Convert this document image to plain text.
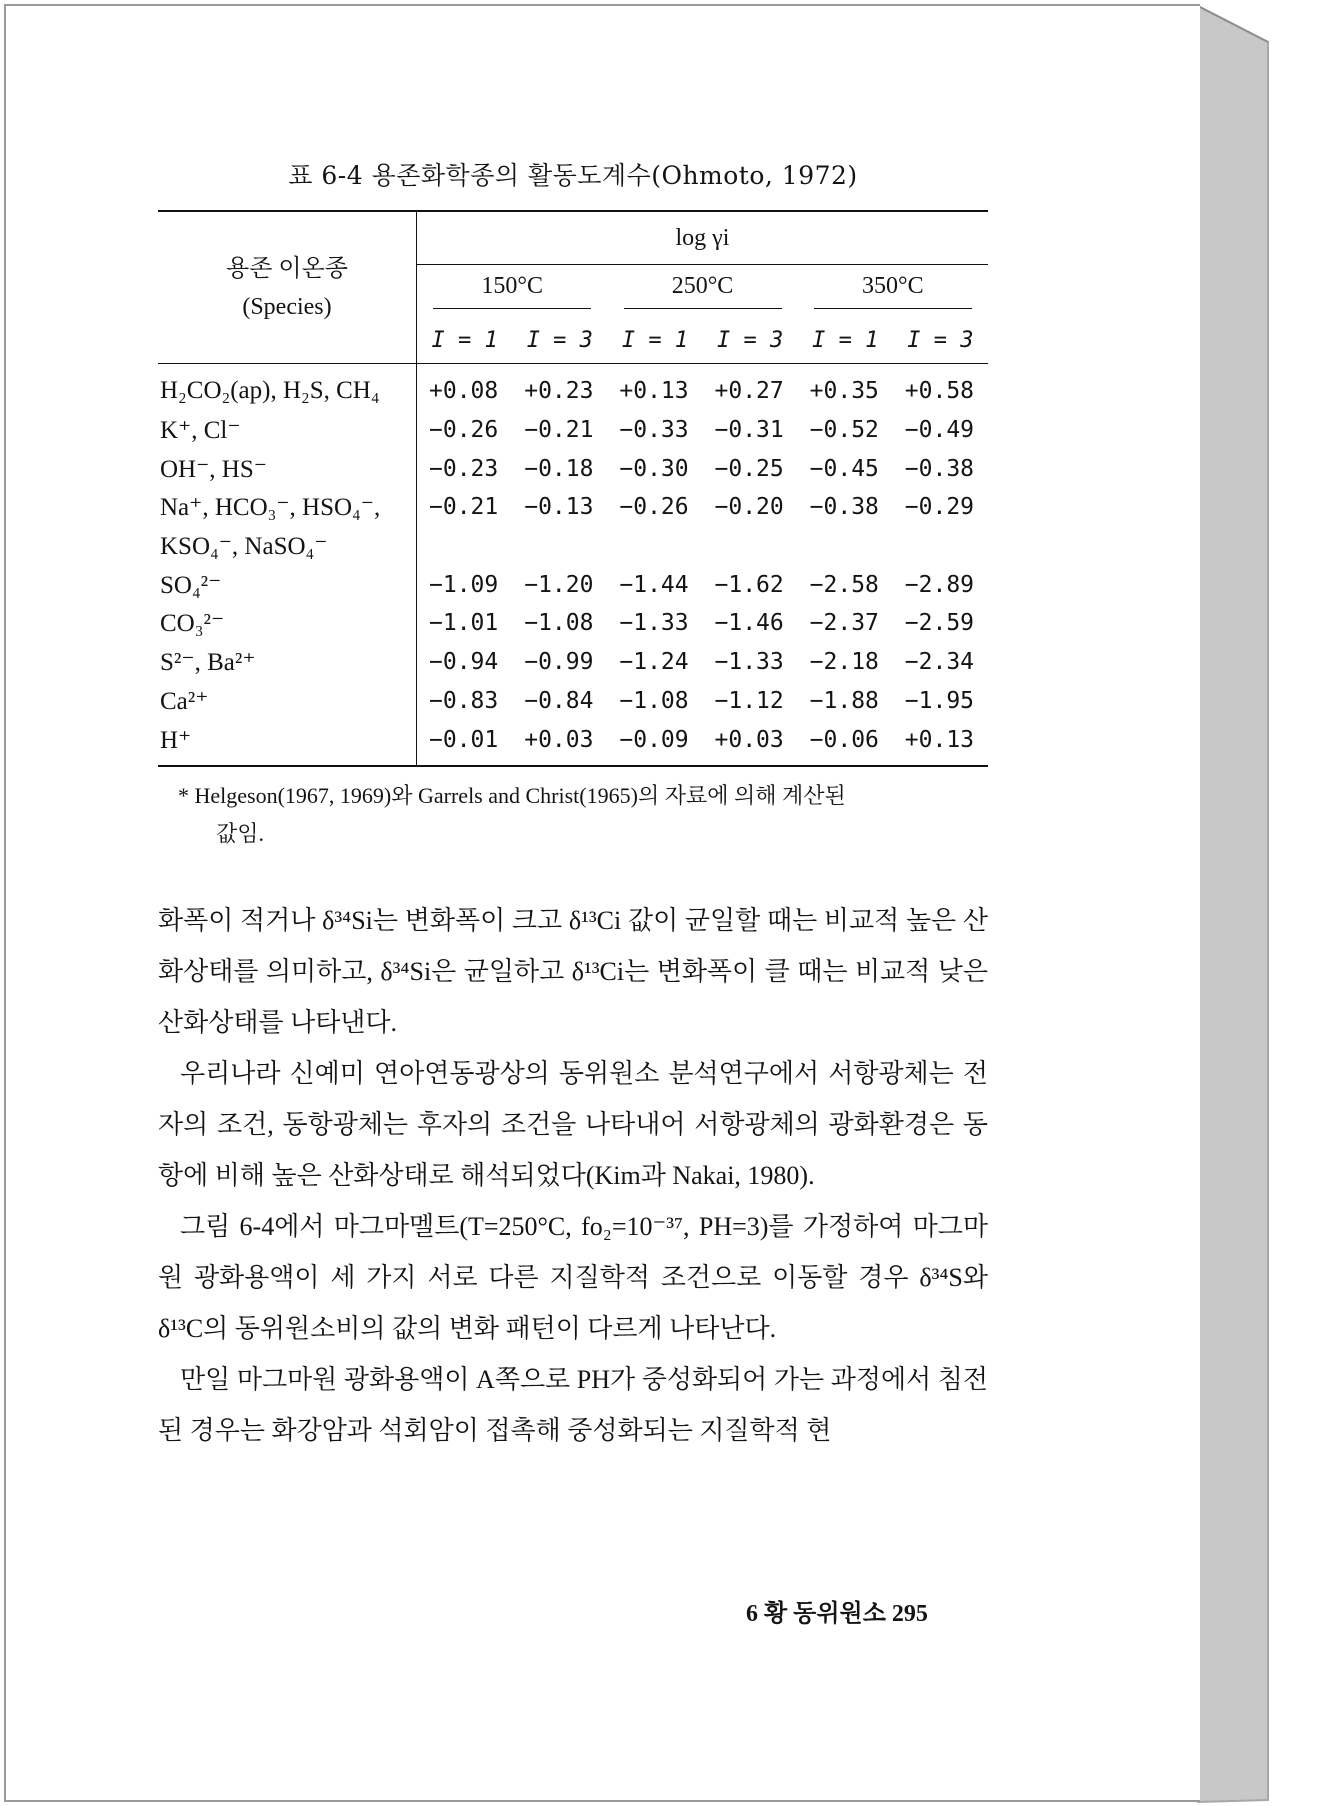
표 6-4 용존화학종의 활동도계수(Ohmoto, 1972)
용존 이온종
(Species)	log γi					
	150°C		250°C		350°C	
	I = 1	I = 3	I = 1	I = 3	I = 1	I = 3
H₂CO₂(ap), H₂S, CH₄	+0.08	+0.23	+0.13	+0.27	+0.35	+0.58
K⁺, Cl⁻	−0.26	−0.21	−0.33	−0.31	−0.52	−0.49
OH⁻, HS⁻	−0.23	−0.18	−0.30	−0.25	−0.45	−0.38
Na⁺, HCO₃⁻, HSO₄⁻,	−0.21	−0.13	−0.26	−0.20	−0.38	−0.29
KSO₄⁻, NaSO₄⁻						
SO₄²⁻	−1.09	−1.20	−1.44	−1.62	−2.58	−2.89
CO₃²⁻	−1.01	−1.08	−1.33	−1.46	−2.37	−2.59
S²⁻, Ba²⁺	−0.94	−0.99	−1.24	−1.33	−2.18	−2.34
Ca²⁺	−0.83	−0.84	−1.08	−1.12	−1.88	−1.95
H⁺	−0.01	+0.03	−0.09	+0.03	−0.06	+0.13
* Helgeson(1967, 1969)와 Garrels and Christ(1965)의 자료에 의해 계산된
값임.

화폭이 적거나 δ³⁴Si는 변화폭이 크고 δ¹³Ci 값이 균일할 때는 비교적 높은 산화상태를 의미하고, δ³⁴Si은 균일하고 δ¹³Ci는 변화폭이 클 때는 비교적 낮은 산화상태를 나타낸다.

우리나라 신예미 연아연동광상의 동위원소 분석연구에서 서항광체는 전자의 조건, 동항광체는 후자의 조건을 나타내어 서항광체의 광화환경은 동항에 비해 높은 산화상태로 해석되었다(Kim과 Nakai, 1980).

그림 6-4에서 마그마멜트(T=250°C, fo₂=10⁻³⁷, PH=3)를 가정하여 마그마원 광화용액이 세 가지 서로 다른 지질학적 조건으로 이동할 경우 δ³⁴S와 δ¹³C의 동위원소비의 값의 변화 패턴이 다르게 나타난다.

만일 마그마원 광화용액이 A쪽으로 PH가 중성화되어 가는 과정에서 침전된 경우는 화강암과 석회암이 접촉해 중성화되는 지질학적 현

6 황 동위원소 295
